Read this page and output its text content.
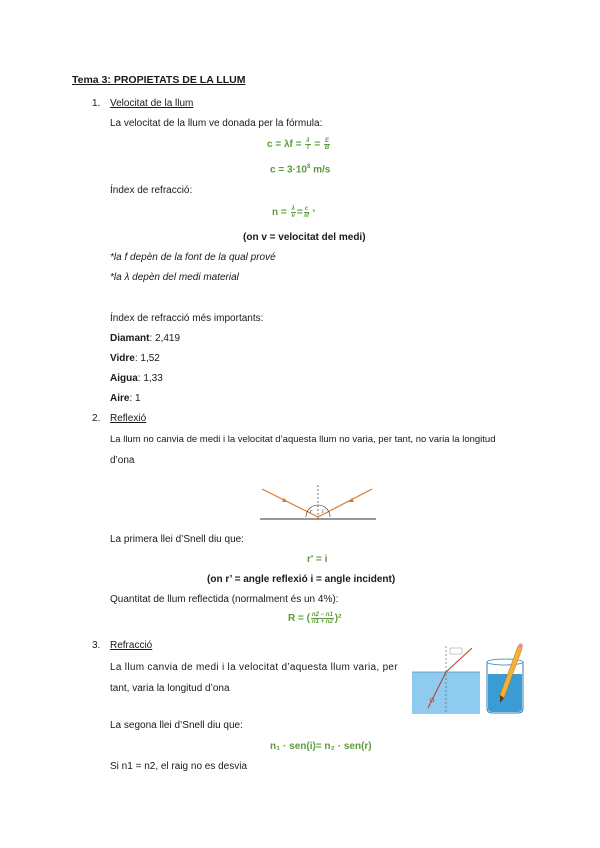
Tema 3: PROPIETATS DE LA LLUM
1. Velocitat de la llum
La velocitat de la llum ve donada per la fórmula:
$c = \lambda f = \frac{\lambda}{T} = \frac{E}{B}$
$c = 3\cdot 10^8$ m/s
Índex de refracció:
$n = \frac{\lambda}{v} = \frac{c}{\lambda f}$ *
(on v = velocitat del medi)
*la f depèn de la font de la qual prové
*la λ depèn del medi material
Índex de refracció més importants:
Diamant: 2,419
Vidre: 1,52
Aigua: 1,33
Aire: 1
2. Reflexió
La llum no canvia de medi i la velocitat d’aquesta llum no varia, per tant, no varia la longitud
d’ona
r i
La primera llei d’Snell diu que:
r' = i
(on r’ = angle reflexió i = angle incident)
Quantitat de llum reflectida (normalment és un 4%):
R = ( $\frac{n2 - n1}{n1 + n2} )^2$
3. Refracció
La llum canvia de medi i la velocitat d’aquesta llum varia, per
tant, varia la longitud d’ona
La segona llei d’Snell diu que:
n₁ · sen(i)= n₂ · sen(r)
Si n1 = n2, el raig no es desvia
